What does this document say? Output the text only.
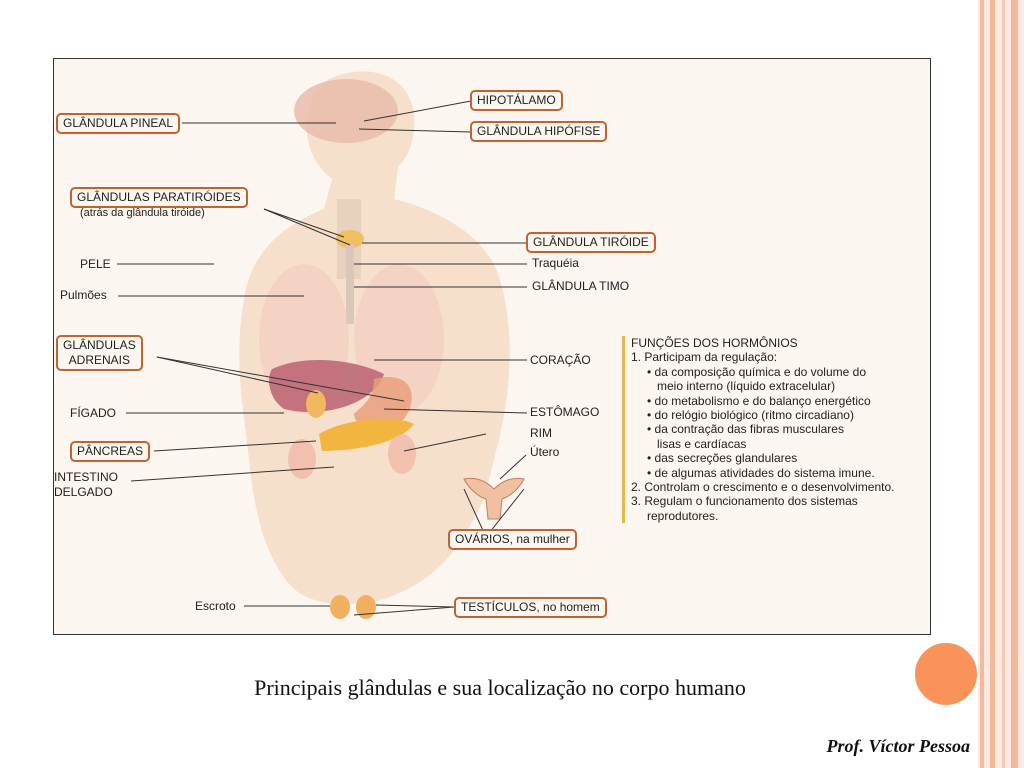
GLÂNDULA PINEAL
HIPOTÁLAMO
GLÂNDULA HIPÓFISE
GLÂNDULAS PARATIRÓIDES
(atrás da glândula tiróide)
GLÂNDULA TIRÓIDE
PELE	Traquéia
Pulmões
GLÂNDULA TIMO
GLÂNDULAS
ADRENAIS	CORAÇÃO
FÍGADO	ESTÔMAGO
RIM
PÂNCREAS	Útero
INTESTINO
DELGADO
OVÁRIOS, na mulher
Escroto	TESTÍCULOS, no homem
FUNÇÕES DOS HORMÔNIOS
1. Participam da regulação:
• da composição química e do volume do
meio interno (líquido extracelular)
• do metabolismo e do balanço energético
• do relógio biológico (ritmo circadiano)
• da contração das fibras musculares
lisas e cardíacas
• das secreções glandulares
• de algumas atividades do sistema imune.
2. Controlam o crescimento e o desenvolvimento.
3. Regulam o funcionamento dos sistemas
reprodutores.
Principais glândulas e sua localização no corpo humano
Prof. Víctor Pessoa
